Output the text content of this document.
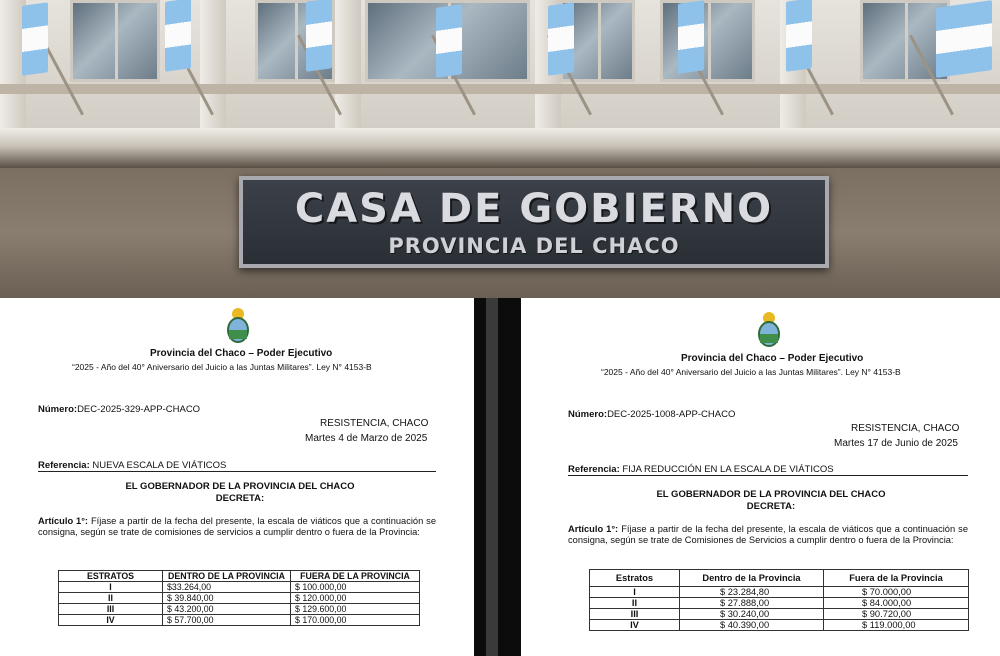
CASA DE GOBIERNO
PROVINCIA DEL CHACO
Provincia del Chaco – Poder Ejecutivo
“2025 - Año del 40° Aniversario del Juicio a las Juntas Militares”. Ley N° 4153-B
Número:DEC-2025-329-APP-CHACO
RESISTENCIA, CHACO
Martes 4 de Marzo de 2025
Referencia: NUEVA ESCALA DE VIÁTICOS
EL GOBERNADOR DE LA PROVINCIA DEL CHACO
DECRETA:
Artículo 1°: Fíjase a partir de la fecha del presente, la escala de viáticos que a continuación se consigna, según se trate de comisiones de servicios a cumplir dentro o fuera de la Provincia:
ESTRATOS	DENTRO DE LA PROVINCIA	FUERA DE LA PROVINCIA
I	$33.264,00	$ 100.000,00
II	$ 39.840,00	$ 120.000,00
III	$ 43.200,00	$ 129.600,00
IV	$ 57.700,00	$ 170.000,00
Provincia del Chaco – Poder Ejecutivo
“2025 - Año del 40° Aniversario del Juicio a las Juntas Militares”. Ley N° 4153-B
Número:DEC-2025-1008-APP-CHACO
RESISTENCIA, CHACO
Martes 17 de Junio de 2025
Referencia: FIJA REDUCCIÓN EN LA ESCALA DE VIÁTICOS
EL GOBERNADOR DE LA PROVINCIA DEL CHACO
DECRETA:
Artículo 1°: Fíjase a partir de la fecha del presente, la escala de viáticos que a continuación se consigna, según se trate de Comisiones de Servicios a cumplir dentro o fuera de la Provincia:
Estratos	Dentro de la Provincia	Fuera de la Provincia
I	$ 23.284,80	$ 70.000,00
II	$ 27.888,00	$ 84.000,00
III	$ 30.240,00	$ 90.720,00
IV	$ 40.390,00	$ 119.000,00
